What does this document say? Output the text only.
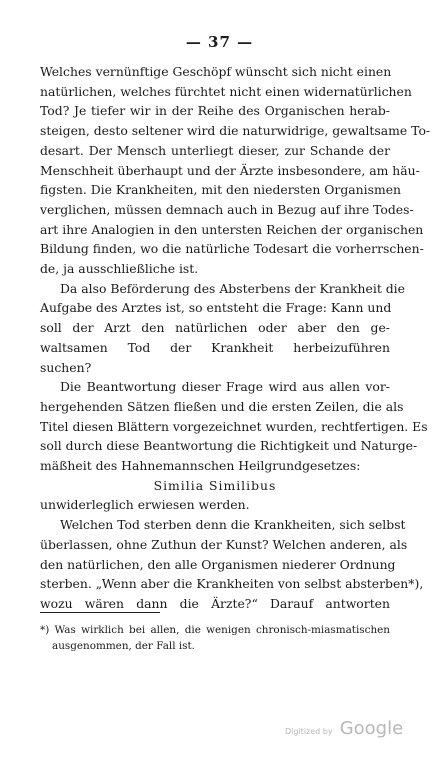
— 37 —
Welches vernünftige Geschöpf wünscht sich nicht einen
natürlichen, welches fürchtet nicht einen widernatürlichen
Tod? Je tiefer wir in der Reihe des Organischen herab-
steigen, desto seltener wird die naturwidrige, gewaltsame To-
desart. Der Mensch unterliegt dieser, zur Schande der
Menschheit überhaupt und der Ärzte insbesondere, am häu-
figsten. Die Krankheiten, mit den niedersten Organismen
verglichen, müssen demnach auch in Bezug auf ihre Todes-
art ihre Analogien in den untersten Reichen der organischen
Bildung finden, wo die natürliche Todesart die vorherrschen-
de, ja ausschließliche ist.
Da also Beförderung des Absterbens der Krankheit die
Aufgabe des Arztes ist, so entsteht die Frage: Kann und
soll der Arzt den natürlichen oder aber den ge-
waltsamen Tod der Krankheit herbeizuführen
suchen?
Die Beantwortung dieser Frage wird aus allen vor-
hergehenden Sätzen fließen und die ersten Zeilen, die als
Titel diesen Blättern vorgezeichnet wurden, rechtfertigen. Es
soll durch diese Beantwortung die Richtigkeit und Naturge-
mäßheit des Hahnemannschen Heilgrundgesetzes:
Similia Similibus
unwiderleglich erwiesen werden.
Welchen Tod sterben denn die Krankheiten, sich selbst
überlassen, ohne Zuthun der Kunst? Welchen anderen, als
den natürlichen, den alle Organismen niederer Ordnung
sterben. „Wenn aber die Krankheiten von selbst absterben*),
wozu wären dann die Ärzte?“ Darauf antworten
*) Was wirklich bei allen, die wenigen chronisch-miasmatischen
ausgenommen, der Fall ist.
Digitized by Google
